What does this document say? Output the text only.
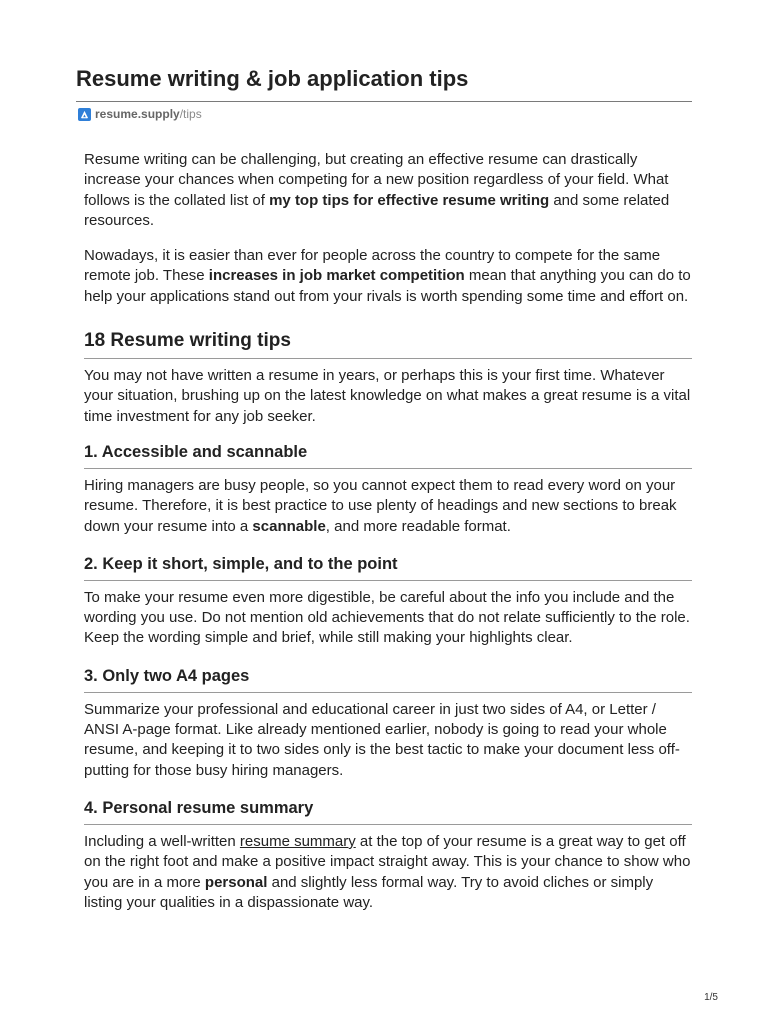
Resume writing & job application tips
resume.supply /tips

Resume writing can be challenging, but creating an effective resume can drastically increase your chances when competing for a new position regardless of your field. What follows is the collated list of my top tips for effective resume writing and some related resources.

Nowadays, it is easier than ever for people across the country to compete for the same remote job. These increases in job market competition mean that anything you can do to help your applications stand out from your rivals is worth spending some time and effort on.

18 Resume writing tips

You may not have written a resume in years, or perhaps this is your first time. Whatever your situation, brushing up on the latest knowledge on what makes a great resume is a vital time investment for any job seeker.

1. Accessible and scannable

Hiring managers are busy people, so you cannot expect them to read every word on your resume. Therefore, it is best practice to use plenty of headings and new sections to break down your resume into a scannable, and more readable format.

2. Keep it short, simple, and to the point

To make your resume even more digestible, be careful about the info you include and the wording you use. Do not mention old achievements that do not relate sufficiently to the role. Keep the wording simple and brief, while still making your highlights clear.

3. Only two A4 pages

Summarize your professional and educational career in just two sides of A4, or Letter / ANSI A-page format. Like already mentioned earlier, nobody is going to read your whole resume, and keeping it to two sides only is the best tactic to make your document less off-putting for those busy hiring managers.

4. Personal resume summary

Including a well-written resume summary at the top of your resume is a great way to get off on the right foot and make a positive impact straight away. This is your chance to show who you are in a more personal and slightly less formal way. Try to avoid cliches or simply listing your qualities in a dispassionate way.

1/5
